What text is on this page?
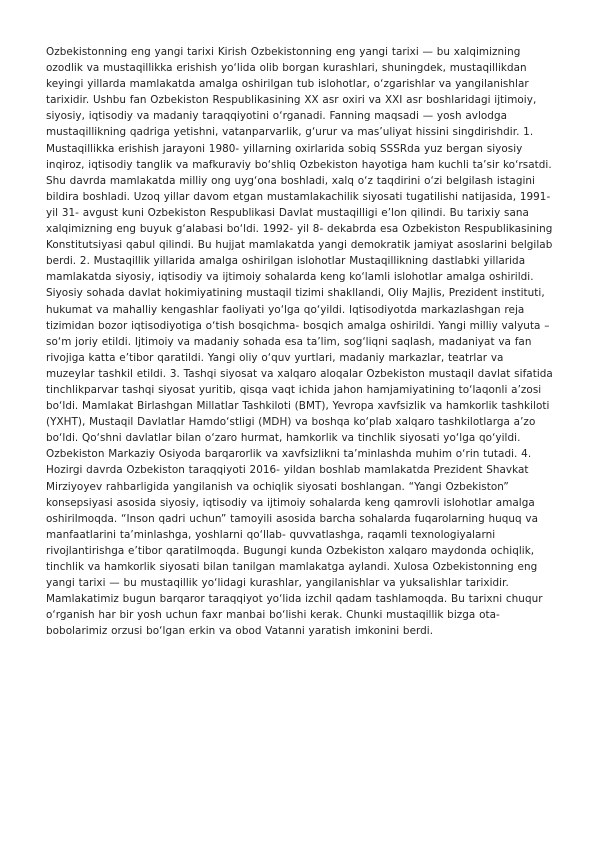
Ozbekistonning eng yangi tarixi Kirish Ozbekistonning eng yangi tarixi — bu xalqimizning ozodlik va mustaqillikka erishish yo‘lida olib borgan kurashlari, shuningdek, mustaqillikdan keyingi yillarda mamlakatda amalga oshirilgan tub islohotlar, o‘zgarishlar va yangilanishlar tarixidir. Ushbu fan Ozbekiston Respublikasining XX asr oxiri va XXI asr boshlaridagi ijtimoiy, siyosiy, iqtisodiy va madaniy taraqqiyotini o‘rganadi. Fanning maqsadi — yosh avlodga mustaqillikning qadriga yetishni, vatanparvarlik, g‘urur va mas’uliyat hissini singdirishdir. 1. Mustaqillikka erishish jarayoni 1980- yillarning oxirlarida sobiq SSSRda yuz bergan siyosiy inqiroz, iqtisodiy tanglik va mafkuraviy bo‘shliq Ozbekiston hayotiga ham kuchli ta’sir ko‘rsatdi. Shu davrda mamlakatda milliy ong uyg‘ona boshladi, xalq o‘z taqdirini o‘zi belgilash istagini bildira boshladi. Uzoq yillar davom etgan mustamlakachilik siyosati tugatilishi natijasida, 1991- yil 31- avgust kuni Ozbekiston Respublikasi Davlat mustaqilligi e’lon qilindi. Bu tarixiy sana xalqimizning eng buyuk g‘alabasi bo‘ldi. 1992- yil 8- dekabrda esa Ozbekiston Respublikasining Konstitutsiyasi qabul qilindi. Bu hujjat mamlakatda yangi demokratik jamiyat asoslarini belgilab berdi. 2. Mustaqillik yillarida amalga oshirilgan islohotlar Mustaqillikning dastlabki yillarida mamlakatda siyosiy, iqtisodiy va ijtimoiy sohalarda keng ko‘lamli islohotlar amalga oshirildi. Siyosiy sohada davlat hokimiyatining mustaqil tizimi shakllandi, Oliy Majlis, Prezident instituti, hukumat va mahalliy kengashlar faoliyati yo‘lga qo‘yildi. Iqtisodiyotda markazlashgan reja tizimidan bozor iqtisodiyotiga o‘tish bosqichma- bosqich amalga oshirildi. Yangi milliy valyuta – so‘m joriy etildi. Ijtimoiy va madaniy sohada esa ta’lim, sog‘liqni saqlash, madaniyat va fan rivojiga katta e’tibor qaratildi. Yangi oliy o‘quv yurtlari, madaniy markazlar, teatrlar va muzeylar tashkil etildi. 3. Tashqi siyosat va xalqaro aloqalar Ozbekiston mustaqil davlat sifatida tinchlikparvar tashqi siyosat yuritib, qisqa vaqt ichida jahon hamjamiyatining to‘laqonli a’zosi bo‘ldi. Mamlakat Birlashgan Millatlar Tashkiloti (BMT), Yevropa xavfsizlik va hamkorlik tashkiloti (YXHT), Mustaqil Davlatlar Hamdo‘stligi (MDH) va boshqa ko‘plab xalqaro tashkilotlarga a’zo bo‘ldi. Qo‘shni davlatlar bilan o‘zaro hurmat, hamkorlik va tinchlik siyosati yo‘lga qo‘yildi. Ozbekiston Markaziy Osiyoda barqarorlik va xavfsizlikni ta’minlashda muhim o‘rin tutadi. 4. Hozirgi davrda Ozbekiston taraqqiyoti 2016- yildan boshlab mamlakatda Prezident Shavkat Mirziyoyev rahbarligida yangilanish va ochiqlik siyosati boshlangan. “Yangi Ozbekiston” konsepsiyasi asosida siyosiy, iqtisodiy va ijtimoiy sohalarda keng qamrovli islohotlar amalga oshirilmoqda. “Inson qadri uchun” tamoyili asosida barcha sohalarda fuqarolarning huquq va manfaatlarini ta’minlashga, yoshlarni qo‘llab- quvvatlashga, raqamli texnologiyalarni rivojlantirishga e’tibor qaratilmoqda. Bugungi kunda Ozbekiston xalqaro maydonda ochiqlik, tinchlik va hamkorlik siyosati bilan tanilgan mamlakatga aylandi. Xulosa Ozbekistonning eng yangi tarixi — bu mustaqillik yo‘lidagi kurashlar, yangilanishlar va yuksalishlar tarixidir. Mamlakatimiz bugun barqaror taraqqiyot yo‘lida izchil qadam tashlamoqda. Bu tarixni chuqur o‘rganish har bir yosh uchun faxr manbai bo‘lishi kerak. Chunki mustaqillik bizga ota- bobolarimiz orzusi bo‘lgan erkin va obod Vatanni yaratish imkonini berdi.
